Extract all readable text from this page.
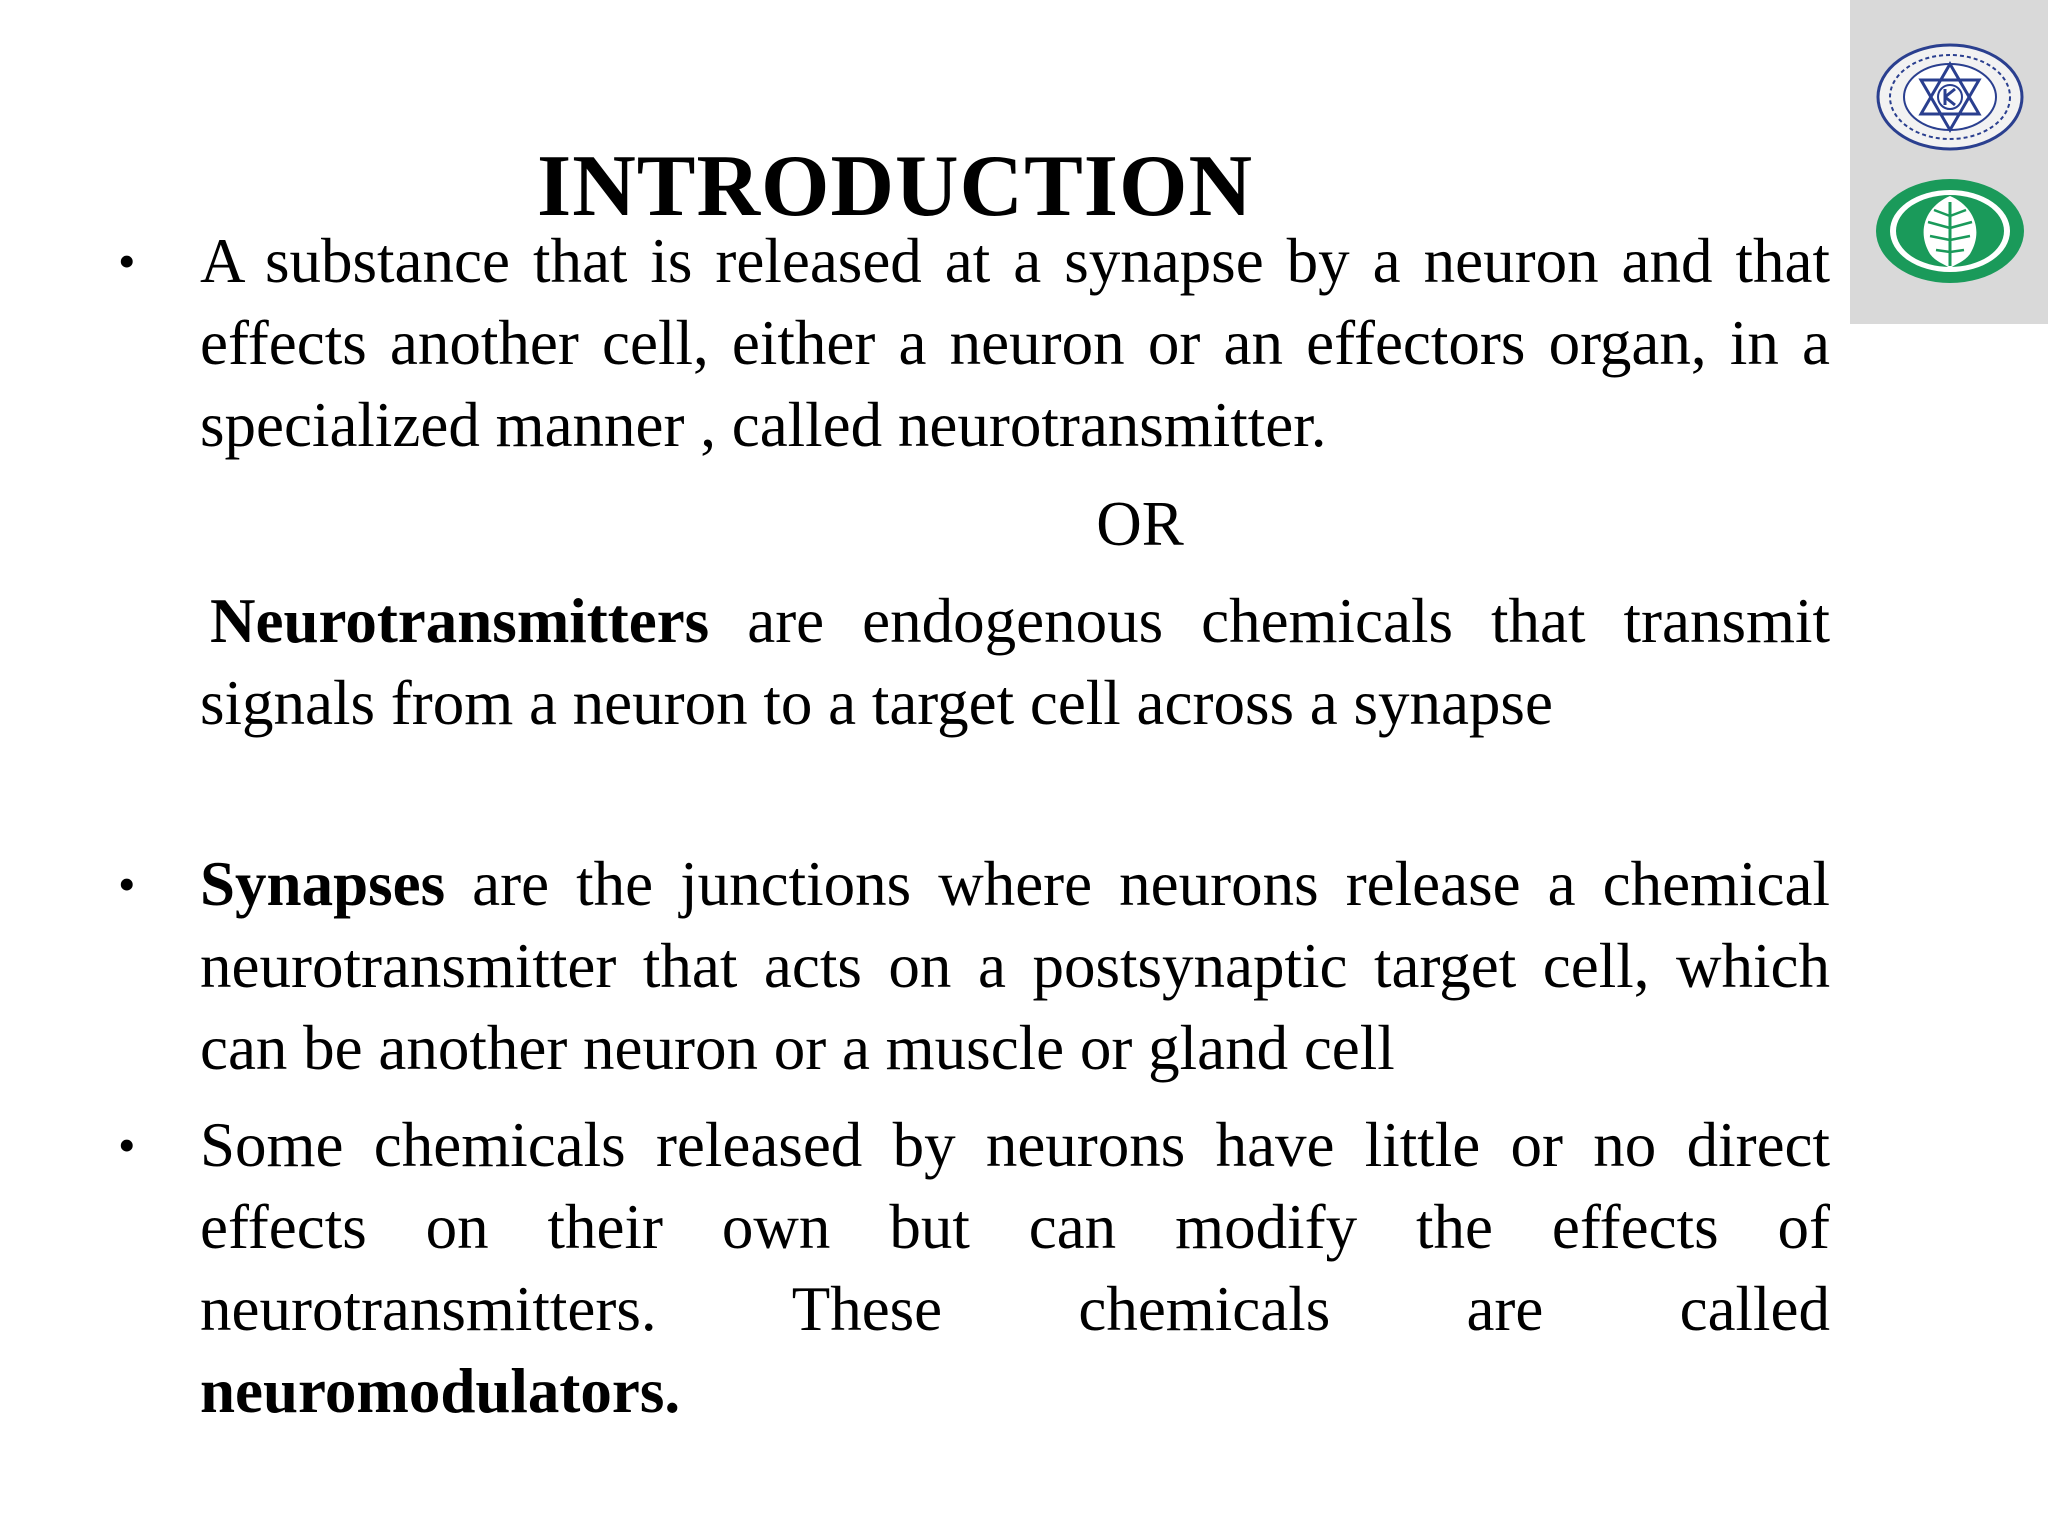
INTRODUCTION
• A substance that is released at a synapse by a neuron and that effects another cell, either a neuron or an effectors organ, in a specialized manner , called neurotransmitter.

OR

Neurotransmitters are endogenous chemicals that transmit signals from a neuron to a target cell across a synapse

• Synapses are the junctions where neurons release a chemical neurotransmitter that acts on a postsynaptic target cell, which can be another neuron or a muscle or gland cell

• Some chemicals released by neurons have little or no direct effects on their own but can modify the effects of neurotransmitters. These chemicals are called neuromodulators.
